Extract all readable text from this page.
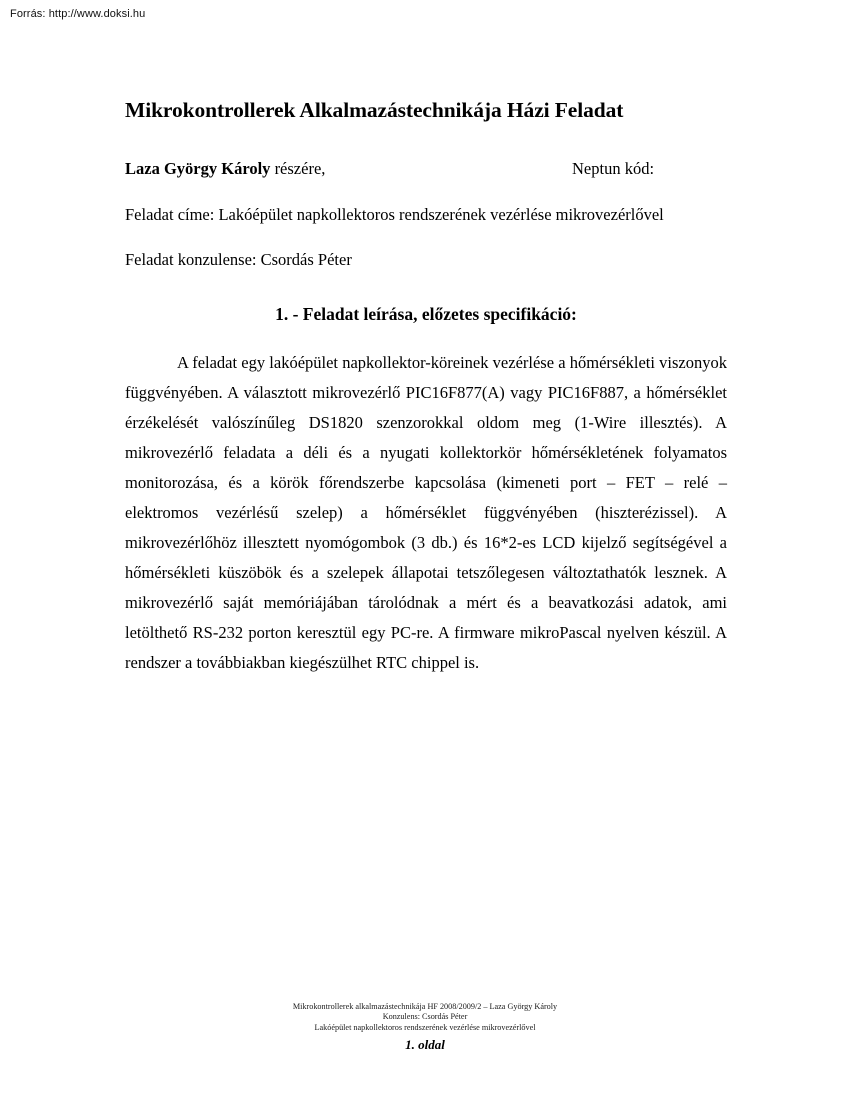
Forrás: http://www.doksi.hu
Mikrokontrollerek Alkalmazástechnikája Házi Feladat
Laza György Károly részére,	Neptun kód:
Feladat címe: Lakóépület napkollektoros rendszerének vezérlése mikrovezérlővel
Feladat konzulense: Csordás Péter
1. - Feladat leírása, előzetes specifikáció:

A feladat egy lakóépület napkollektor-köreinek vezérlése a hőmérsékleti viszonyok függvényében. A választott mikrovezérlő PIC16F877(A) vagy PIC16F887, a hőmérséklet érzékelését valószínűleg DS1820 szenzorokkal oldom meg (1-Wire illesztés). A mikrovezérlő feladata a déli és a nyugati kollektorkör hőmérsékletének folyamatos monitorozása, és a körök főrendszerbe kapcsolása (kimeneti port – FET – relé – elektromos vezérlésű szelep) a hőmérséklet függvényében (hiszterézissel). A mikrovezérlőhöz illesztett nyomógombok (3 db.) és 16*2-es LCD kijelző segítségével a hőmérsékleti küszöbök és a szelepek állapotai tetszőlegesen változtathatók lesznek. A mikrovezérlő saját memóriájában tárolódnak a mért és a beavatkozási adatok, ami letölthető RS-232 porton keresztül egy PC-re. A firmware mikroPascal nyelven készül. A rendszer a továbbiakban kiegészülhet RTC chippel is.

Mikrokontrollerek alkalmazástechnikája HF 2008/2009/2 – Laza György Károly
Konzulens: Csordás Péter
Lakóépület napkollektoros rendszerének vezérlése mikrovezérlővel
1. oldal
